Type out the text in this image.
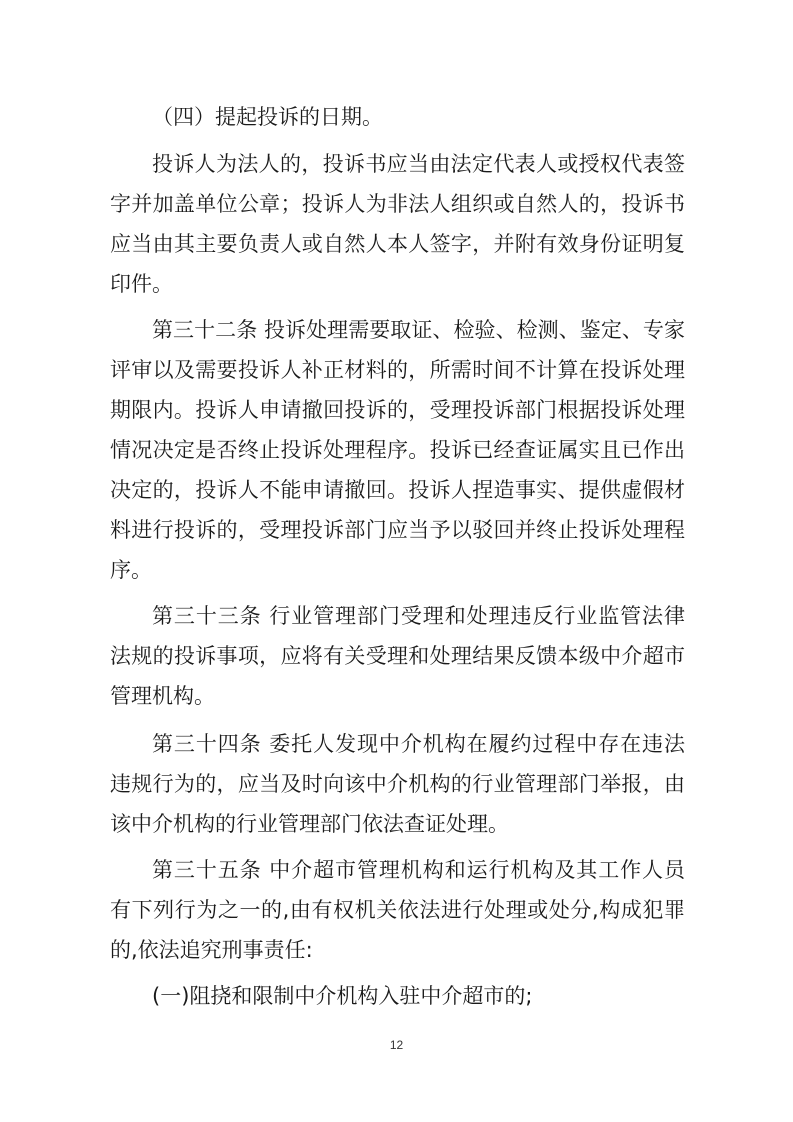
（四）提起投诉的日期。
投诉人为法人的，投诉书应当由法定代表人或授权代表签
字并加盖单位公章；投诉人为非法人组织或自然人的，投诉书
应当由其主要负责人或自然人本人签字，并附有效身份证明复
印件。
第三十二条 投诉处理需要取证、检验、检测、鉴定、专家
评审以及需要投诉人补正材料的，所需时间不计算在投诉处理
期限内。投诉人申请撤回投诉的，受理投诉部门根据投诉处理
情况决定是否终止投诉处理程序。投诉已经查证属实且已作出
决定的，投诉人不能申请撤回。投诉人捏造事实、提供虚假材
料进行投诉的，受理投诉部门应当予以驳回并终止投诉处理程
序。
第三十三条 行业管理部门受理和处理违反行业监管法律
法规的投诉事项，应将有关受理和处理结果反馈本级中介超市
管理机构。
第三十四条 委托人发现中介机构在履约过程中存在违法
违规行为的，应当及时向该中介机构的行业管理部门举报，由
该中介机构的行业管理部门依法查证处理。
第三十五条 中介超市管理机构和运行机构及其工作人员
有下列行为之一的,由有权机关依法进行处理或处分,构成犯罪
的,依法追究刑事责任:
(一)阻挠和限制中介机构入驻中介超市的;
12
